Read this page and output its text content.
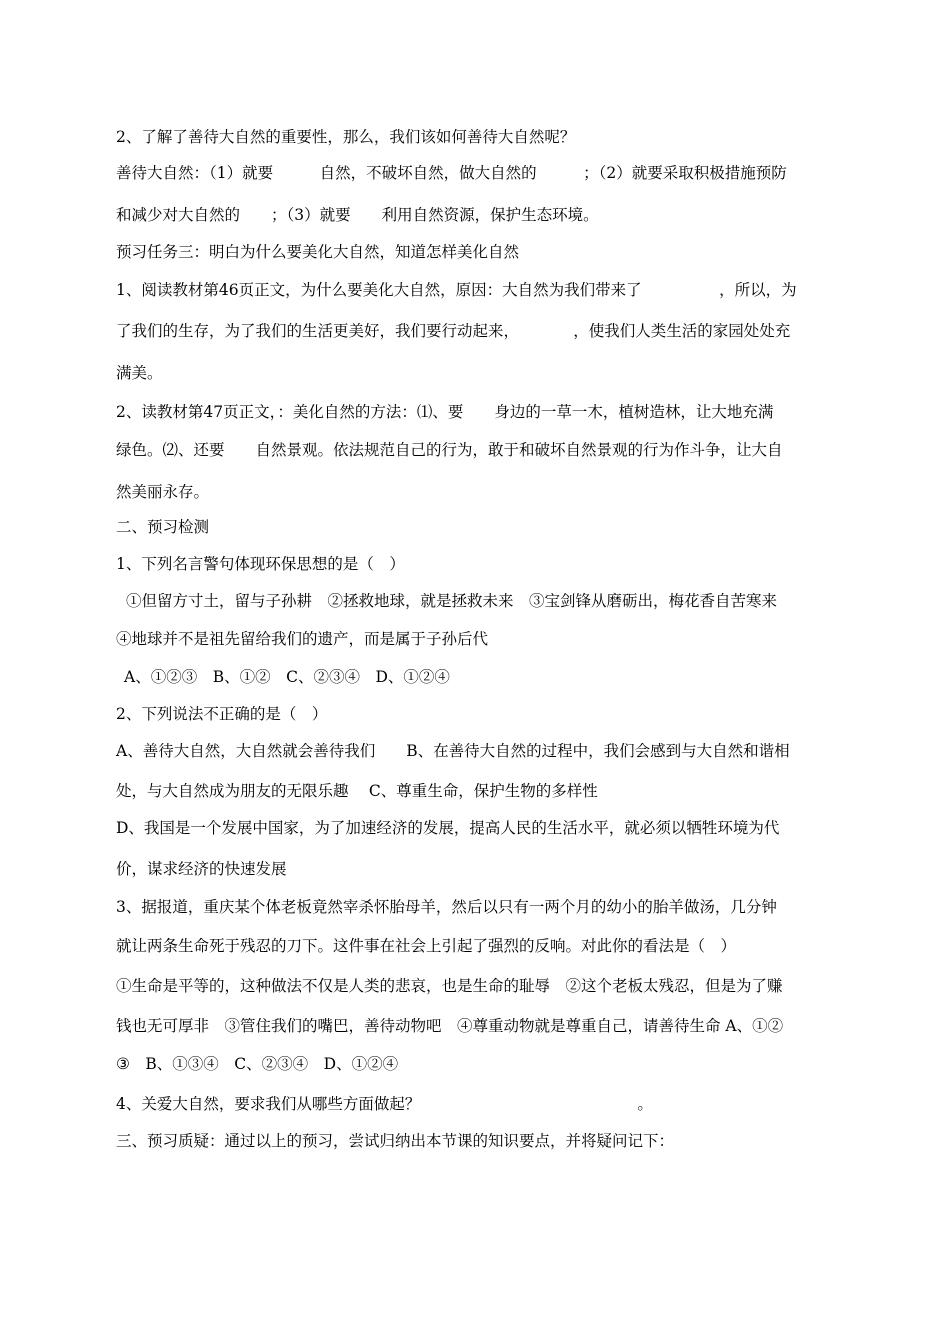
2、了解了善待大自然的重要性，那么，我们该如何善待大自然呢？

善待大自然：（1）就要　　　自然，不破坏自然，做大自然的　　　；（2）就要采取积极措施预防

和减少对大自然的　　；（3）就要　　利用自然资源，保护生态环境。

预习任务三：明白为什么要美化大自然，知道怎样美化自然

1、阅读教材第46页正文，为什么要美化大自然，原因：大自然为我们带来了　　　　　，所以，为

了我们的生存，为了我们的生活更美好，我们要行动起来，　　　　，使我们人类生活的家园处处充

满美。

2、读教材第47页正文，：美化自然的方法：⑴、要　　身边的一草一木，植树造林，让大地充满

绿色。⑵、还要　　自然景观。依法规范自己的行为，敢于和破坏自然景观的行为作斗争，让大自

然美丽永存。

二、预习检测

1、下列名言警句体现环保思想的是（　）

①但留方寸土，留与子孙耕　②拯救地球，就是拯救未来　③宝剑锋从磨砺出，梅花香自苦寒来

④地球并不是祖先留给我们的遗产，而是属于子孙后代

A、①②③　B、①②　C、②③④　D、①②④

2、下列说法不正确的是（　）

A、善待大自然，大自然就会善待我们　　B、在善待大自然的过程中，我们会感到与大自然和谐相

处，与大自然成为朋友的无限乐趣　 C、尊重生命，保护生物的多样性

D、我国是一个发展中国家，为了加速经济的发展，提高人民的生活水平，就必须以牺牲环境为代

价，谋求经济的快速发展

3、据报道，重庆某个体老板竟然宰杀怀胎母羊，然后以只有一两个月的幼小的胎羊做汤，几分钟

就让两条生命死于残忍的刀下。这件事在社会上引起了强烈的反响。对此你的看法是（　）

①生命是平等的，这种做法不仅是人类的悲哀，也是生命的耻辱　②这个老板太残忍，但是为了赚

钱也无可厚非　③管住我们的嘴巴，善待动物吧　④尊重动物就是尊重自己，请善待生命 A、①②

③　B、①③④　C、②③④　D、①②④

4、关爱大自然，要求我们从哪些方面做起？　　　　　　　　　　　　　　。

三、预习质疑：通过以上的预习，尝试归纳出本节课的知识要点，并将疑问记下：
